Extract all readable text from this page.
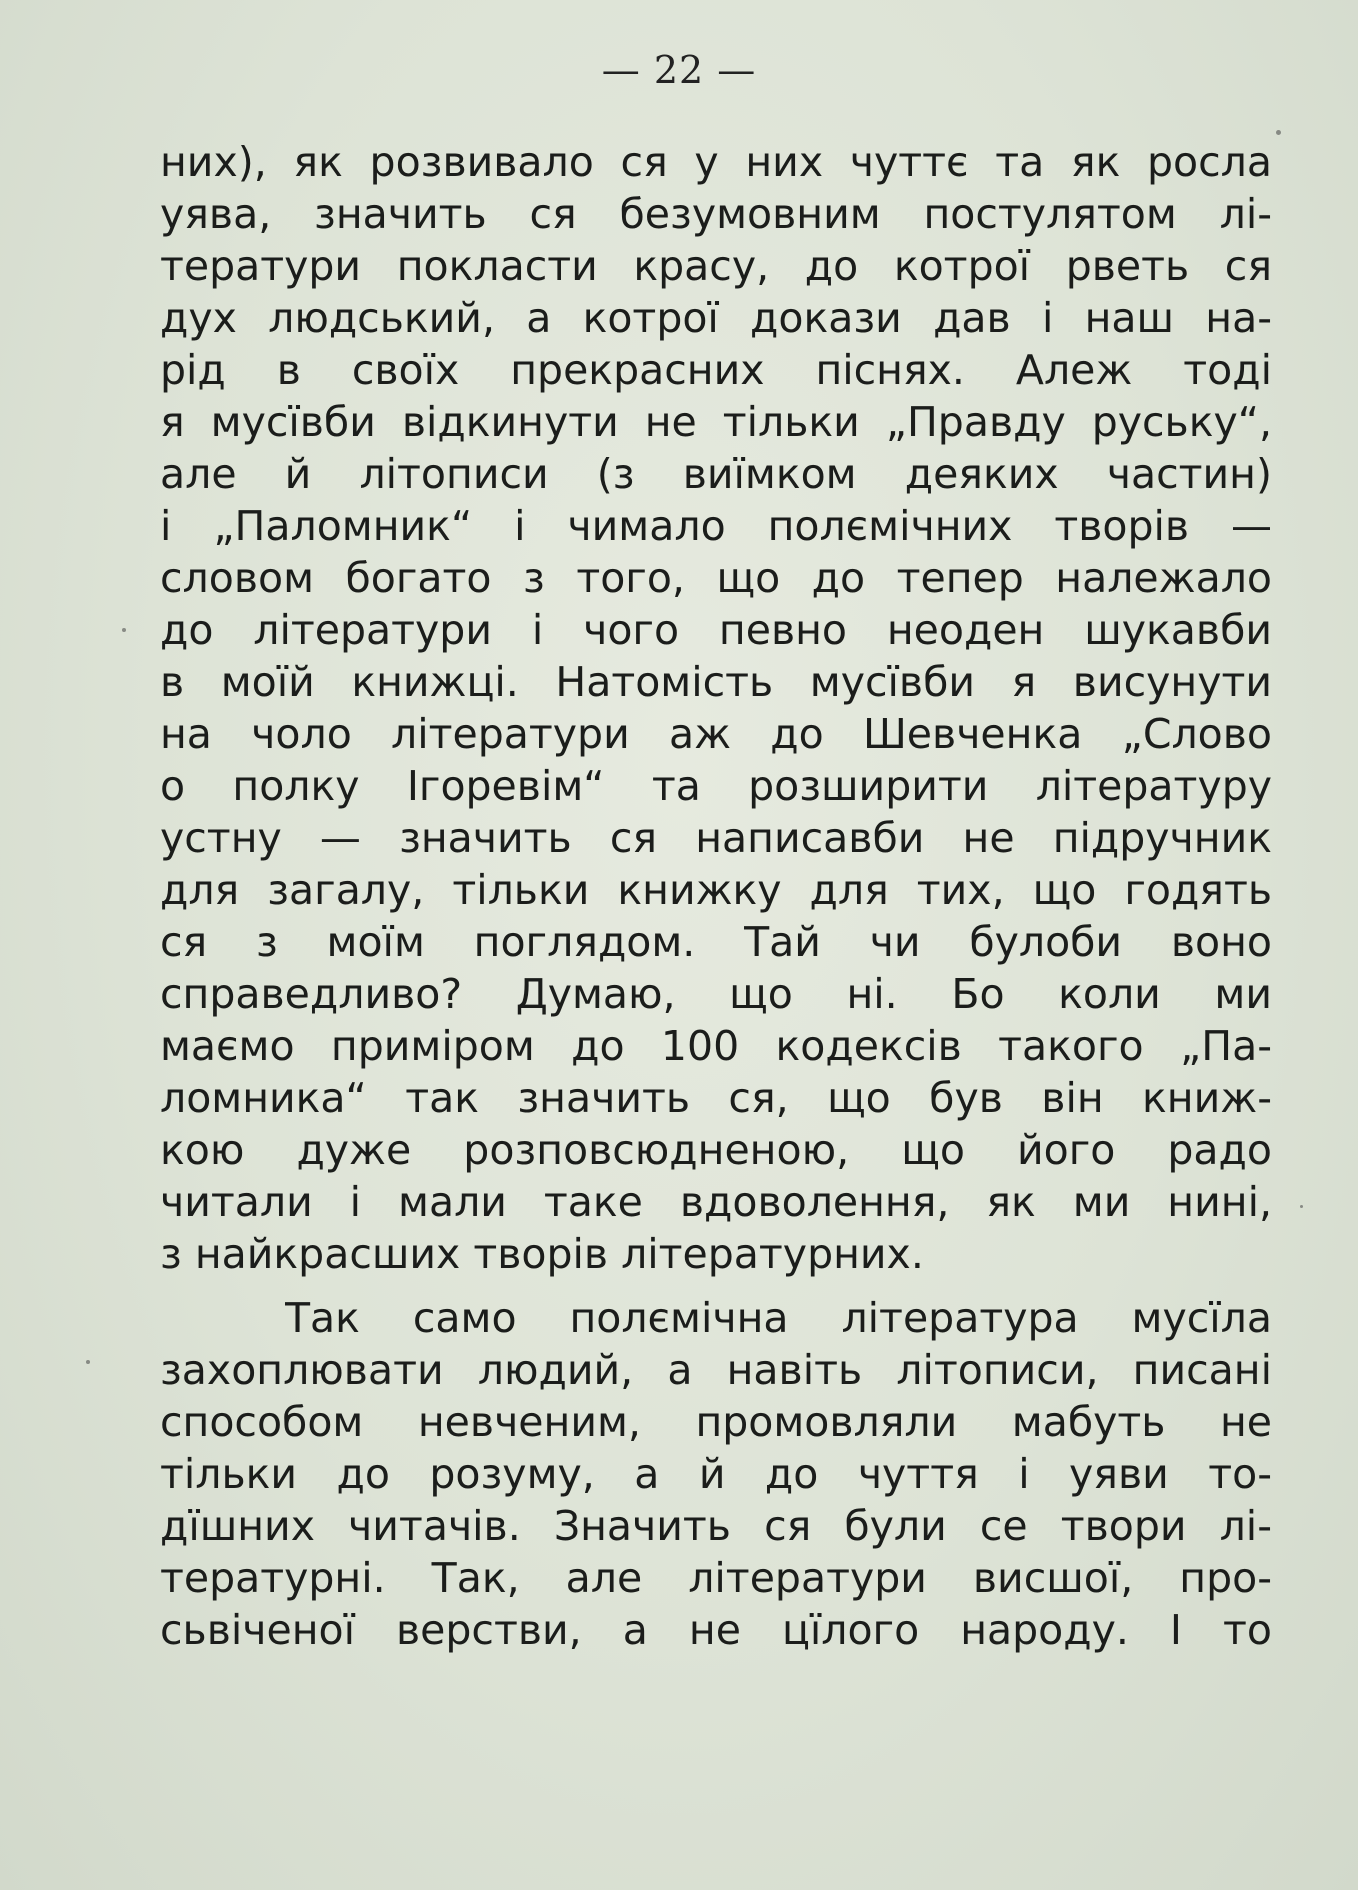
— 22 —
них), як розвивало ся у них чуттє та як росла
уява, значить ся безумовним постулятом лі-
тератури покласти красу, до котрої рветь ся
дух людський, а котрої докази дав і наш на-
рід в своїх прекрасних піснях. Алеж тоді
я мусївби відкинути не тільки „Правду руську“,
але й літописи (з виїмком деяких частин)
і „Паломник“ і чимало полємічних творів —
словом богато з того, що до тепер належало
до літератури і чого певно неоден шукавби
в моїй книжці. Натомість мусївби я висунути
на чоло літератури аж до Шевченка „Слово
о полку Ігоревім“ та розширити літературу
устну — значить ся написавби не підручник
для загалу, тільки книжку для тих, що годять
ся з моїм поглядом. Тай чи булоби воно
справедливо? Думаю, що ні. Бо коли ми
маємо приміром до 100 кодексів такого „Па-
ломника“ так значить ся, що був він книж-
кою дуже розповсюдненою, що його радо
читали і мали таке вдоволення, як ми нині,
з найкрасших творів літературних.
Так само полємічна література мусїла
захоплювати людий, а навіть літописи, писані
способом невченим, промовляли мабуть не
тільки до розуму, а й до чуття і уяви то-
дїшних читачів. Значить ся були се твори лі-
тературні. Так, але літератури висшої, про-
сьвіченої верстви, а не цїлого народу. І то
